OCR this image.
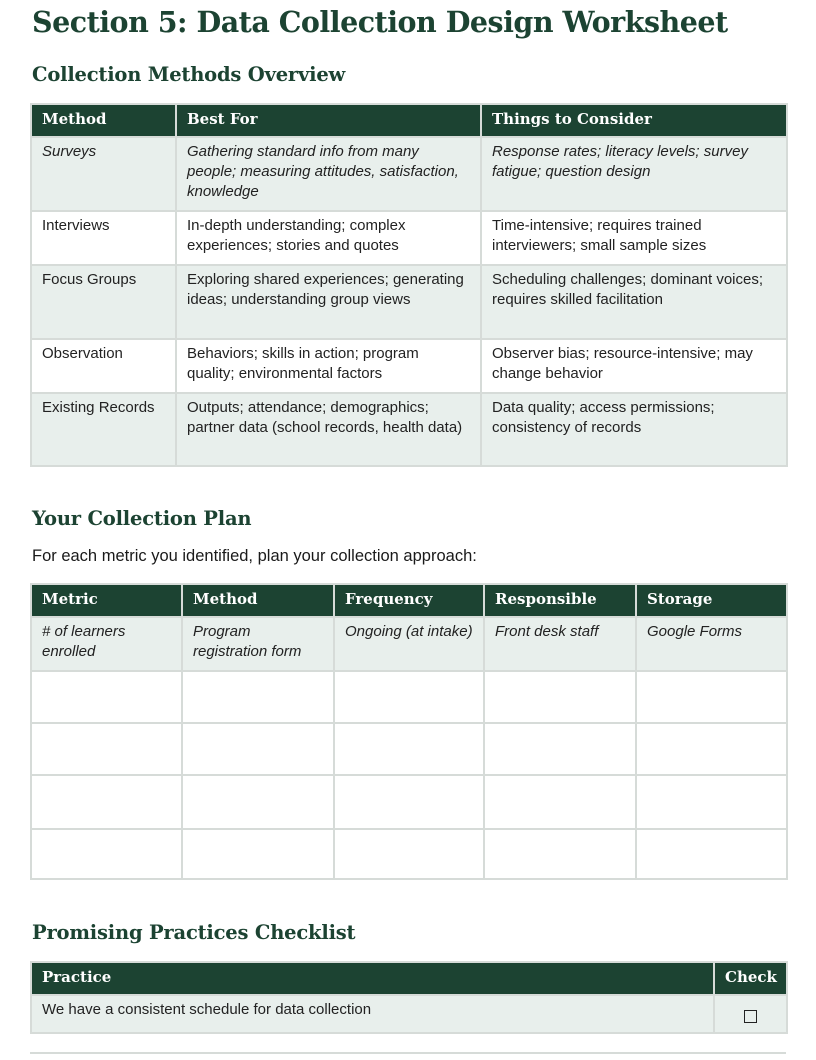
Section 5: Data Collection Design Worksheet
Collection Methods Overview
Method	Best For	Things to Consider
Surveys	Gathering standard info from many people; measuring attitudes, satisfaction, knowledge	Response rates; literacy levels; survey fatigue; question design
Interviews	In-depth understanding; complex experiences; stories and quotes	Time-intensive; requires trained interviewers; small sample sizes
Focus Groups	Exploring shared experiences; generating ideas; understanding group views	Scheduling challenges; dominant voices; requires skilled facilitation
Observation	Behaviors; skills in action; program quality; environmental factors	Observer bias; resource-intensive; may change behavior
Existing Records	Outputs; attendance; demographics; partner data (school records, health data)	Data quality; access permissions; consistency of records
Your Collection Plan

For each metric you identified, plan your collection approach:

Metric	Method	Frequency	Responsible	Storage
# of learners enrolled	Program registration form	Ongoing (at intake)	Front desk staff	Google Forms

Promising Practices Checklist
Practice	Check
We have a consistent schedule for data collection	
